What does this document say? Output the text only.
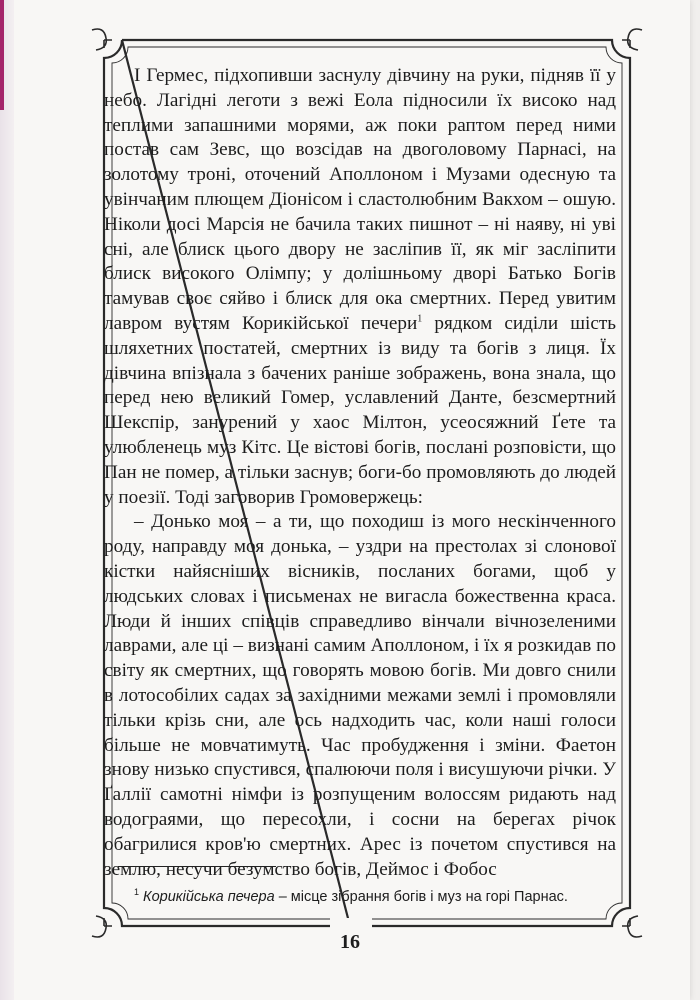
І Гермес, підхопивши заснулу дівчину на руки, підняв її у небо. Лагідні леготи з вежі Еола підносили їх високо над теплими запашними морями, аж поки раптом перед ними постав сам Зевс, що возсідав на двоголовому Парнасі, на золотому троні, оточений Аполлоном і Музами одесную та увінчаним плющем Діонісом і сластолюбним Вакхом – ошую. Ніколи досі Марсія не бачила таких пишнот – ні наяву, ні уві сні, але блиск цього двору не засліпив її, як міг засліпити блиск високого Олімпу; у долішньому дворі Батько Богів тамував своє сяйво і блиск для ока смертних. Перед увитим лавром вустям Корикійської печери$^1$ рядком сиділи шість шляхетних постатей, смертних із виду та богів з лиця. Їх дівчина впізнала з бачених раніше зображень, вона знала, що перед нею великий Гомер, уславлений Данте, безсмертний Шекспір, занурений у хаос Мілтон, усеосяжний Ґете та улюбленець муз Кітс. Це вістові богів, послані розповісти, що Пан не помер, а тільки заснув; боги-бо промовляють до людей у поезії. Тоді заговорив Громовержець:

– Донько моя – а ти, що походиш із мого нескінченного роду, направду моя донька, – уздри на престолах зі слонової кістки найясніших вісників, посланих богами, щоб у людських словах і письменах не вигасла божественна краса. Люди й інших співців справедливо вінчали вічнозеленими лаврами, але ці – визнані самим Аполлоном, і їх я розкидав по світу як смертних, що говорять мовою богів. Ми довго снили в лотособілих садах за західними межами землі і промовляли тільки крізь сни, але ось надходить час, коли наші голоси більше не мовчатимуть. Час пробудження і зміни. Фаетон знову низько спустився, спалюючи поля і висушуючи річки. У Ґаллії самотні німфи із розпущеним волоссям ридають над водограями, що пересохли, і сосни на берегах річок обагрилися кров'ю смертних. Арес із почетом спустився на землю, несучи безумство богів, Деймос і Фобос

$^1$ Корикійська печера – місце зібрання богів і муз на горі Парнас.
16
